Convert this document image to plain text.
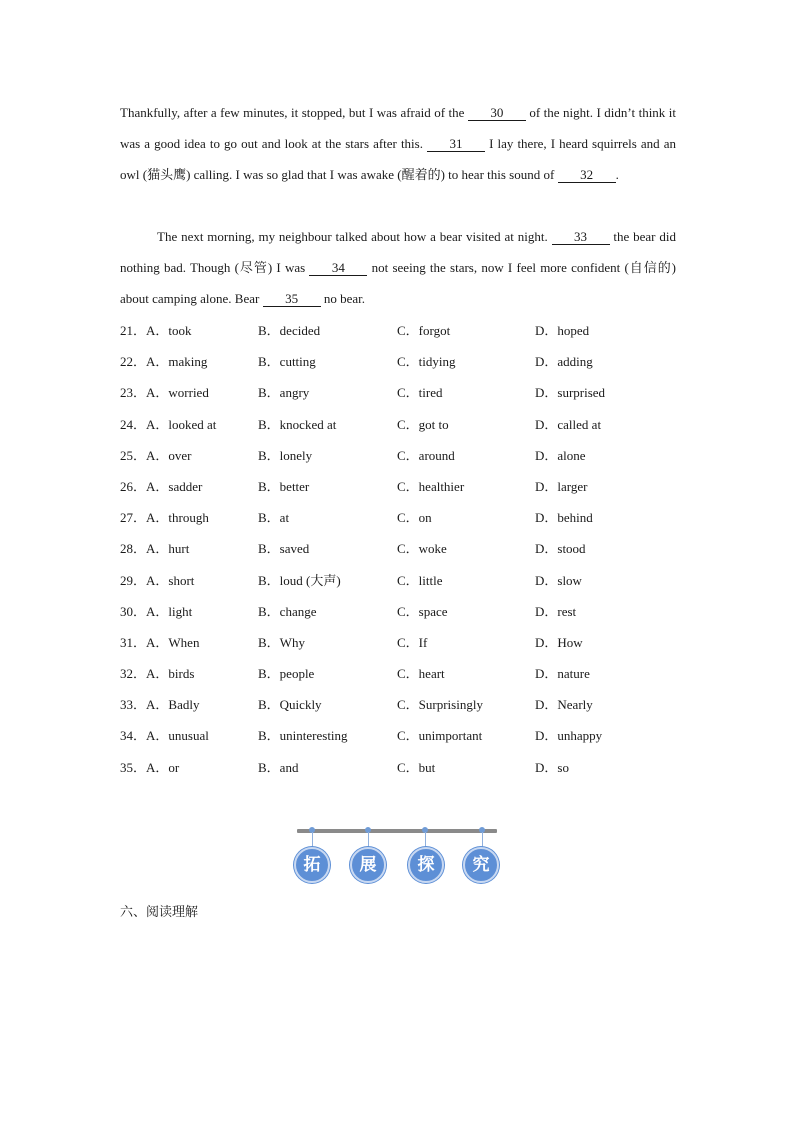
Thankfully, after a few minutes, it stopped, but I was afraid of the 30 of the night. I didn’t think it was a good idea to go out and look at the stars after this. 31 I lay there, I heard squirrels and an owl (猫头鹰) calling. I was so glad that I was awake (醒着的) to hear this sound of 32 .

The next morning, my neighbour talked about how a bear visited at night. 33 the bear did nothing bad. Though (尽管) I was 34 not seeing the stars, now I feel more confident (自信的) about camping alone. Bear 35 no bear.

21．A．took	B．decided	C．forgot	D．hoped
22．A．making	B．cutting	C．tidying	D．adding
23．A．worried	B．angry	C．tired	D．surprised
24．A．looked at	B．knocked at	C．got to	D．called at
25．A．over	B．lonely	C．around	D．alone
26．A．sadder	B．better	C．healthier	D．larger
27．A．through	B．at	C．on	D．behind
28．A．hurt	B．saved	C．woke	D．stood
29．A．short	B．loud (大声)	C．little	D．slow
30．A．light	B．change	C．space	D．rest
31．A．When	B．Why	C．If	D．How
32．A．birds	B．people	C．heart	D．nature
33．A．Badly	B．Quickly	C．Surprisingly	D．Nearly
34．A．unusual	B．uninteresting	C．unimportant	D．unhappy
35．A．or	B．and	C．but	D．so
拓	展	探	究
六、阅读理解
